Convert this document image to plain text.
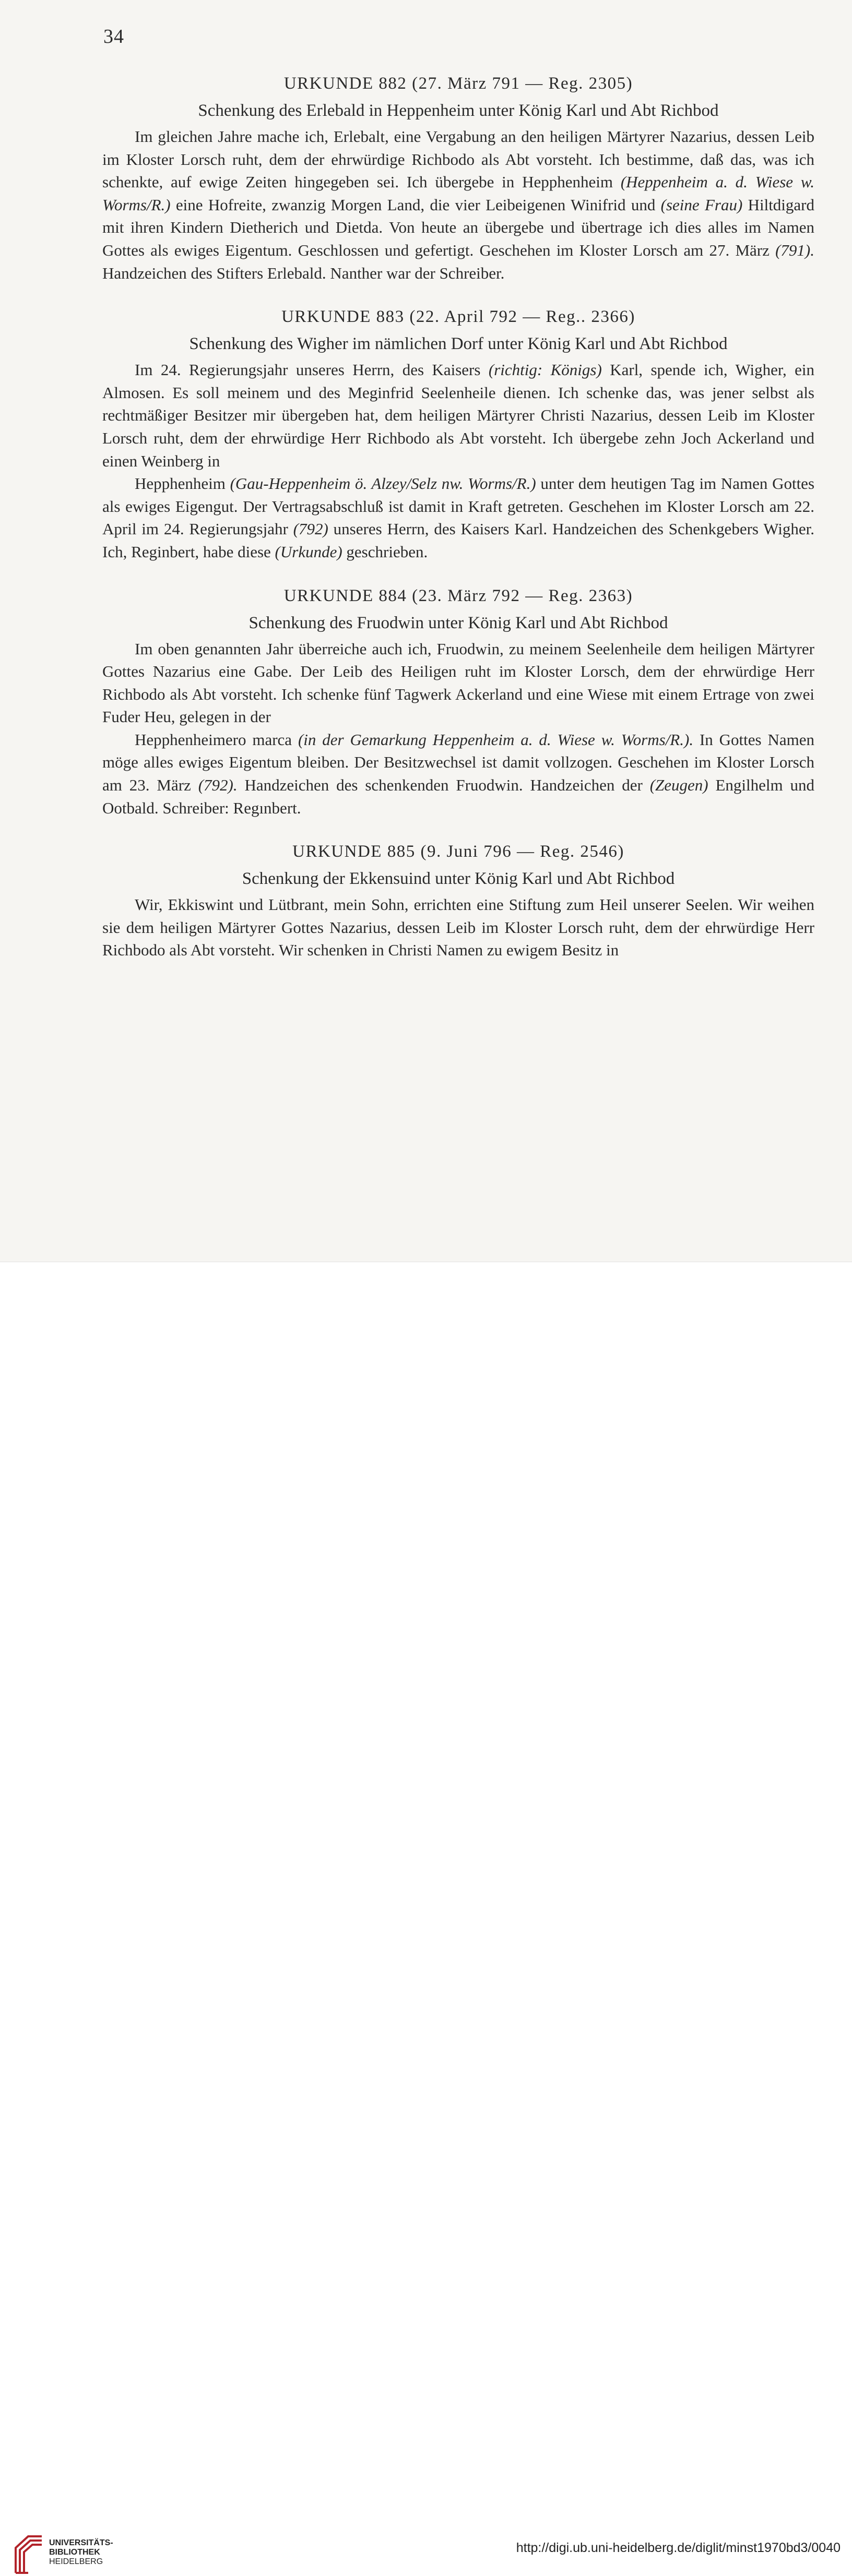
34
URKUNDE 882 (27. März 791 — Reg. 2305)
Schenkung des Erlebald in Heppenheim unter König Karl und Abt Richbod

Im gleichen Jahre mache ich, Erlebalt, eine Vergabung an den heiligen Märtyrer Nazarius, dessen Leib im Kloster Lorsch ruht, dem der ehrwürdige Richbodo als Abt vorsteht. Ich bestimme, daß das, was ich schenkte, auf ewige Zeiten hingegeben sei. Ich übergebe in Hepphenheim (Heppenheim a. d. Wiese w. Worms/R.) eine Hofreite, zwanzig Morgen Land, die vier Leibeigenen Winifrid und (seine Frau) Hiltdigard mit ihren Kindern Dietherich und Dietda. Von heute an übergebe und übertrage ich dies alles im Namen Gottes als ewiges Eigentum. Geschlossen und gefertigt. Geschehen im Kloster Lorsch am 27. März (791). Handzeichen des Stifters Erlebald. Nanther war der Schreiber.

URKUNDE 883 (22. April 792 — Reg.. 2366)
Schenkung des Wigher im nämlichen Dorf unter König Karl und Abt Richbod

Im 24. Regierungsjahr unseres Herrn, des Kaisers (richtig: Königs) Karl, spende ich, Wigher, ein Almosen. Es soll meinem und des Meginfrid Seelenheile dienen. Ich schenke das, was jener selbst als rechtmäßiger Besitzer mir übergeben hat, dem heiligen Märtyrer Christi Nazarius, dessen Leib im Kloster Lorsch ruht, dem der ehrwürdige Herr Richbodo als Abt vorsteht. Ich übergebe zehn Joch Ackerland und einen Weinberg in

Hepphenheim (Gau-Heppenheim ö. Alzey/Selz nw. Worms/R.) unter dem heutigen Tag im Namen Gottes als ewiges Eigengut. Der Vertragsabschluß ist damit in Kraft getreten. Geschehen im Kloster Lorsch am 22. April im 24. Regierungsjahr (792) unseres Herrn, des Kaisers Karl. Handzeichen des Schenkgebers Wigher. Ich, Reginbert, habe diese (Urkunde) geschrieben.

URKUNDE 884 (23. März 792 — Reg. 2363)
Schenkung des Fruodwin unter König Karl und Abt Richbod

Im oben genannten Jahr überreiche auch ich, Fruodwin, zu meinem Seelenheile dem heiligen Märtyrer Gottes Nazarius eine Gabe. Der Leib des Heiligen ruht im Kloster Lorsch, dem der ehrwürdige Herr Richbodo als Abt vorsteht. Ich schenke fünf Tagwerk Ackerland und eine Wiese mit einem Ertrage von zwei Fuder Heu, gelegen in der

Hepphenheimero marca (in der Gemarkung Heppenheim a. d. Wiese w. Worms/R.). In Gottes Namen möge alles ewiges Eigentum bleiben. Der Besitzwechsel ist damit vollzogen. Geschehen im Kloster Lorsch am 23. März (792). Handzeichen des schenkenden Fruodwin. Handzeichen der (Zeugen) Engilhelm und Ootbald. Schreiber: Regınbert.

URKUNDE 885 (9. Juni 796 — Reg. 2546)
Schenkung der Ekkensuind unter König Karl und Abt Richbod

Wir, Ekkiswint und Lütbrant, mein Sohn, errichten eine Stiftung zum Heil unserer Seelen. Wir weihen sie dem heiligen Märtyrer Gottes Nazarius, dessen Leib im Kloster Lorsch ruht, dem der ehrwürdige Herr Richbodo als Abt vorsteht. Wir schenken in Christi Namen zu ewigem Besitz in

UNIVERSITÄTS-
BIBLIOTHEK
HEIDELBERG
http://digi.ub.uni-heidelberg.de/diglit/minst1970bd3/0040
